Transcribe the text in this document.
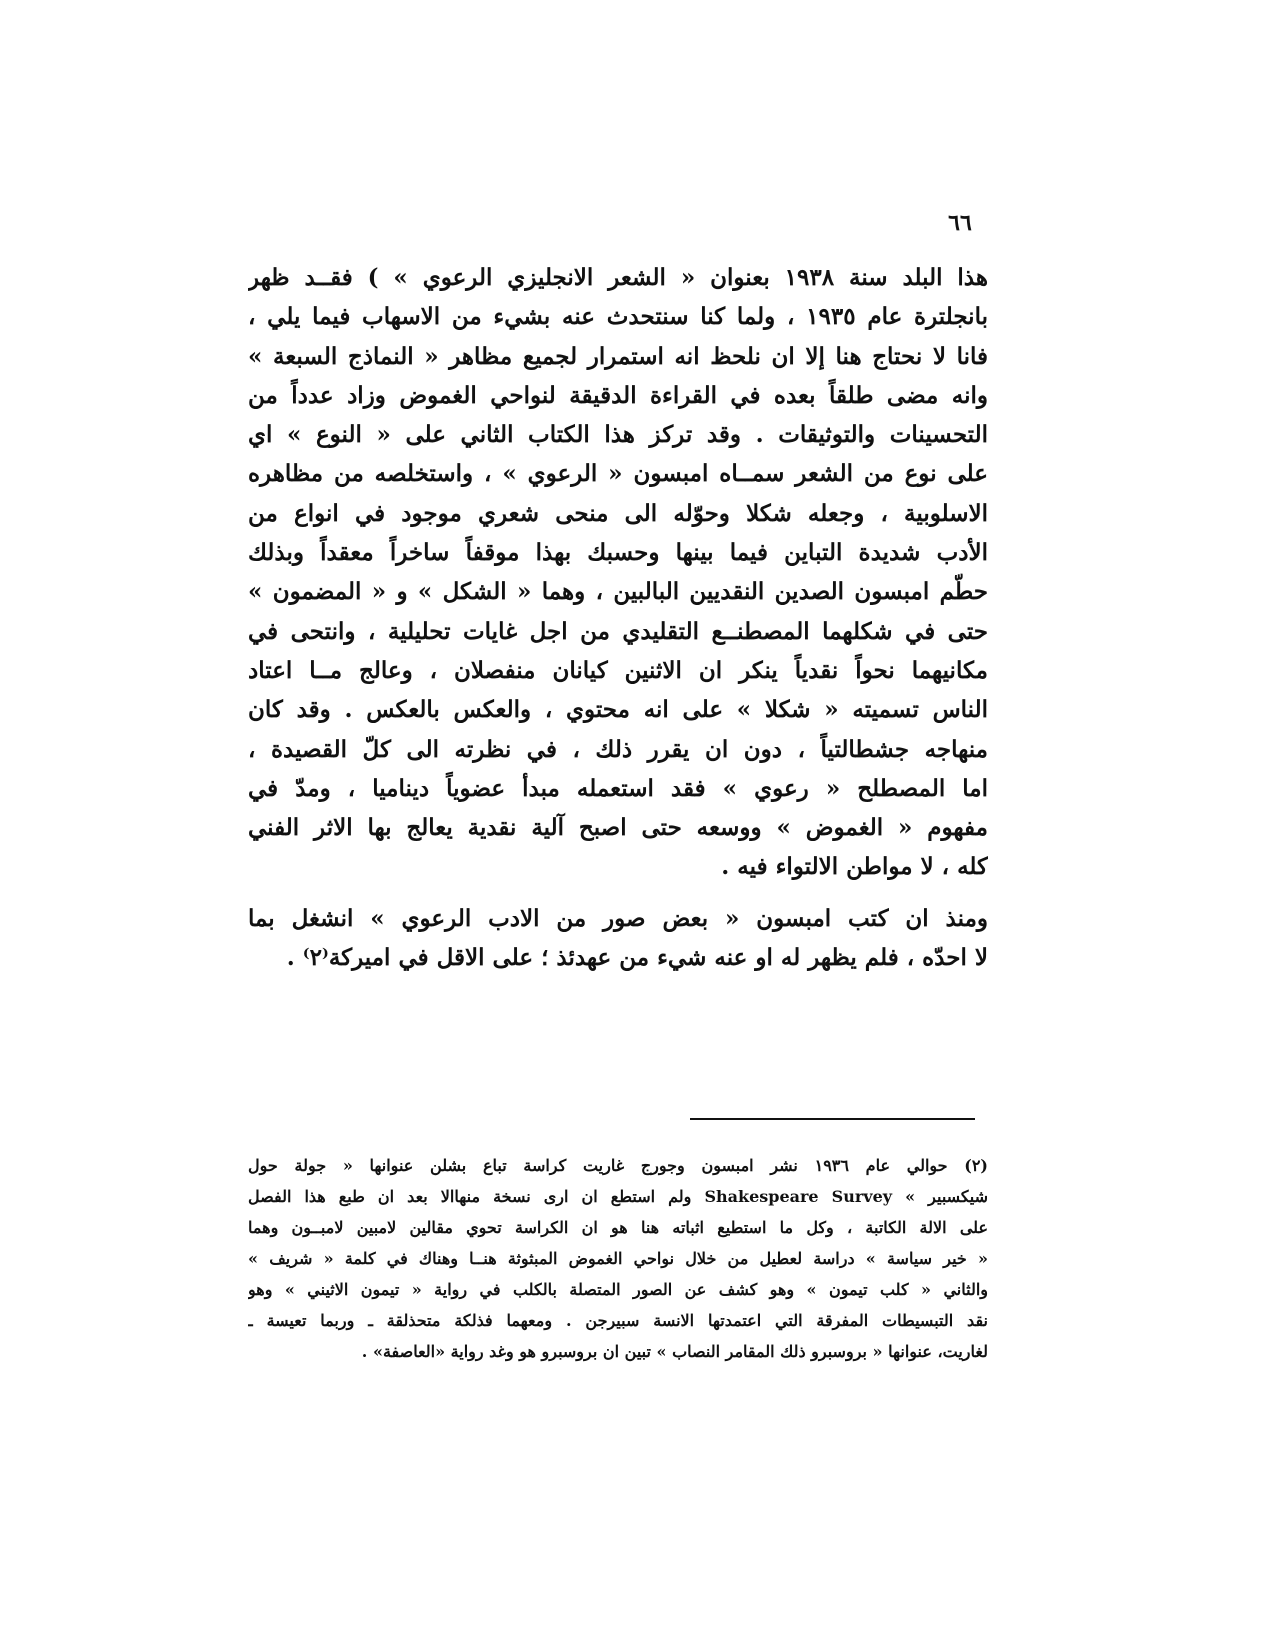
٦٦
هذا البلد سنة ١٩٣٨ بعنوان « الشعر الانجليزي الرعوي » ) فقــد ظهر
بانجلترة عام ١٩٣٥ ، ولما كنا سنتحدث عنه بشيء من الاسهاب فيما يلي ،
فانا لا نحتاج هنا إلا ان نلحظ انه استمرار لجميع مظاهر « النماذج السبعة »
وانه مضى طلقاً بعده في القراءة الدقيقة لنواحي الغموض وزاد عدداً من
التحسينات والتوثيقات . وقد تركز هذا الكتاب الثاني على « النوع » اي
على نوع من الشعر سمــاه امبسون « الرعوي » ، واستخلصه من مظاهره
الاسلوبية ، وجعله شكلا وحوّله الى منحى شعري موجود في انواع من
الأدب شديدة التباين فيما بينها وحسبك بهذا موقفاً ساخراً معقداً وبذلك
حطّم امبسون الصدين النقديين البالبين ، وهما « الشكل » و « المضمون »
حتى في شكلهما المصطنــع التقليدي من اجل غايات تحليلية ، وانتحى في
مكانيهما نحواً نقدياً ينكر ان الاثنين كيانان منفصلان ، وعالج مــا اعتاد
الناس تسميته « شكلا » على انه محتوي ، والعكس بالعكس . وقد كان
منهاجه جشطالتياً ، دون ان يقرر ذلك ، في نظرته الى كلّ القصيدة ،
اما المصطلح « رعوي » فقد استعمله مبدأ عضوياً ديناميا ، ومدّ في
مفهوم « الغموض » ووسعه حتى اصبح آلية نقدية يعالج بها الاثر الفني
كله ، لا مواطن الالتواء فيه .
ومنذ ان كتب امبسون « بعض صور من الادب الرعوي » انشغل بما
لا احدّه ، فلم يظهر له او عنه شيء من عهدئذ ؛ على الاقل في اميركة⁽٢⁾ .
(٢) حوالي عام ١٩٣٦ نشر امبسون وجورج غاريت كراسة تباع بشلن عنوانها « جولة حول
شيكسبير » Shakespeare Survey ولم استطع ان ارى نسخة منهاالا بعد ان طبع هذا الفصل
على الالة الكاتبة ، وكل ما استطيع اثباته هنا هو ان الكراسة تحوي مقالين لامبين لامبــون وهما
« خير سياسة » دراسة لعطيل من خلال نواحي الغموض المبثوثة هنــا وهناك في كلمة « شريف »
والثاني « كلب تيمون » وهو كشف عن الصور المتصلة بالكلب في رواية « تيمون الاثيني » وهو
نقد التبسيطات المفرقة التي اعتمدتها الانسة سبيرجن . ومعهما فذلكة متحذلقة ـ وربما تعيسة ـ
لغاريت، عنوانها « بروسبرو ذلك المقامر النصاب » تبين ان بروسبرو هو وغد رواية «العاصفة» .
